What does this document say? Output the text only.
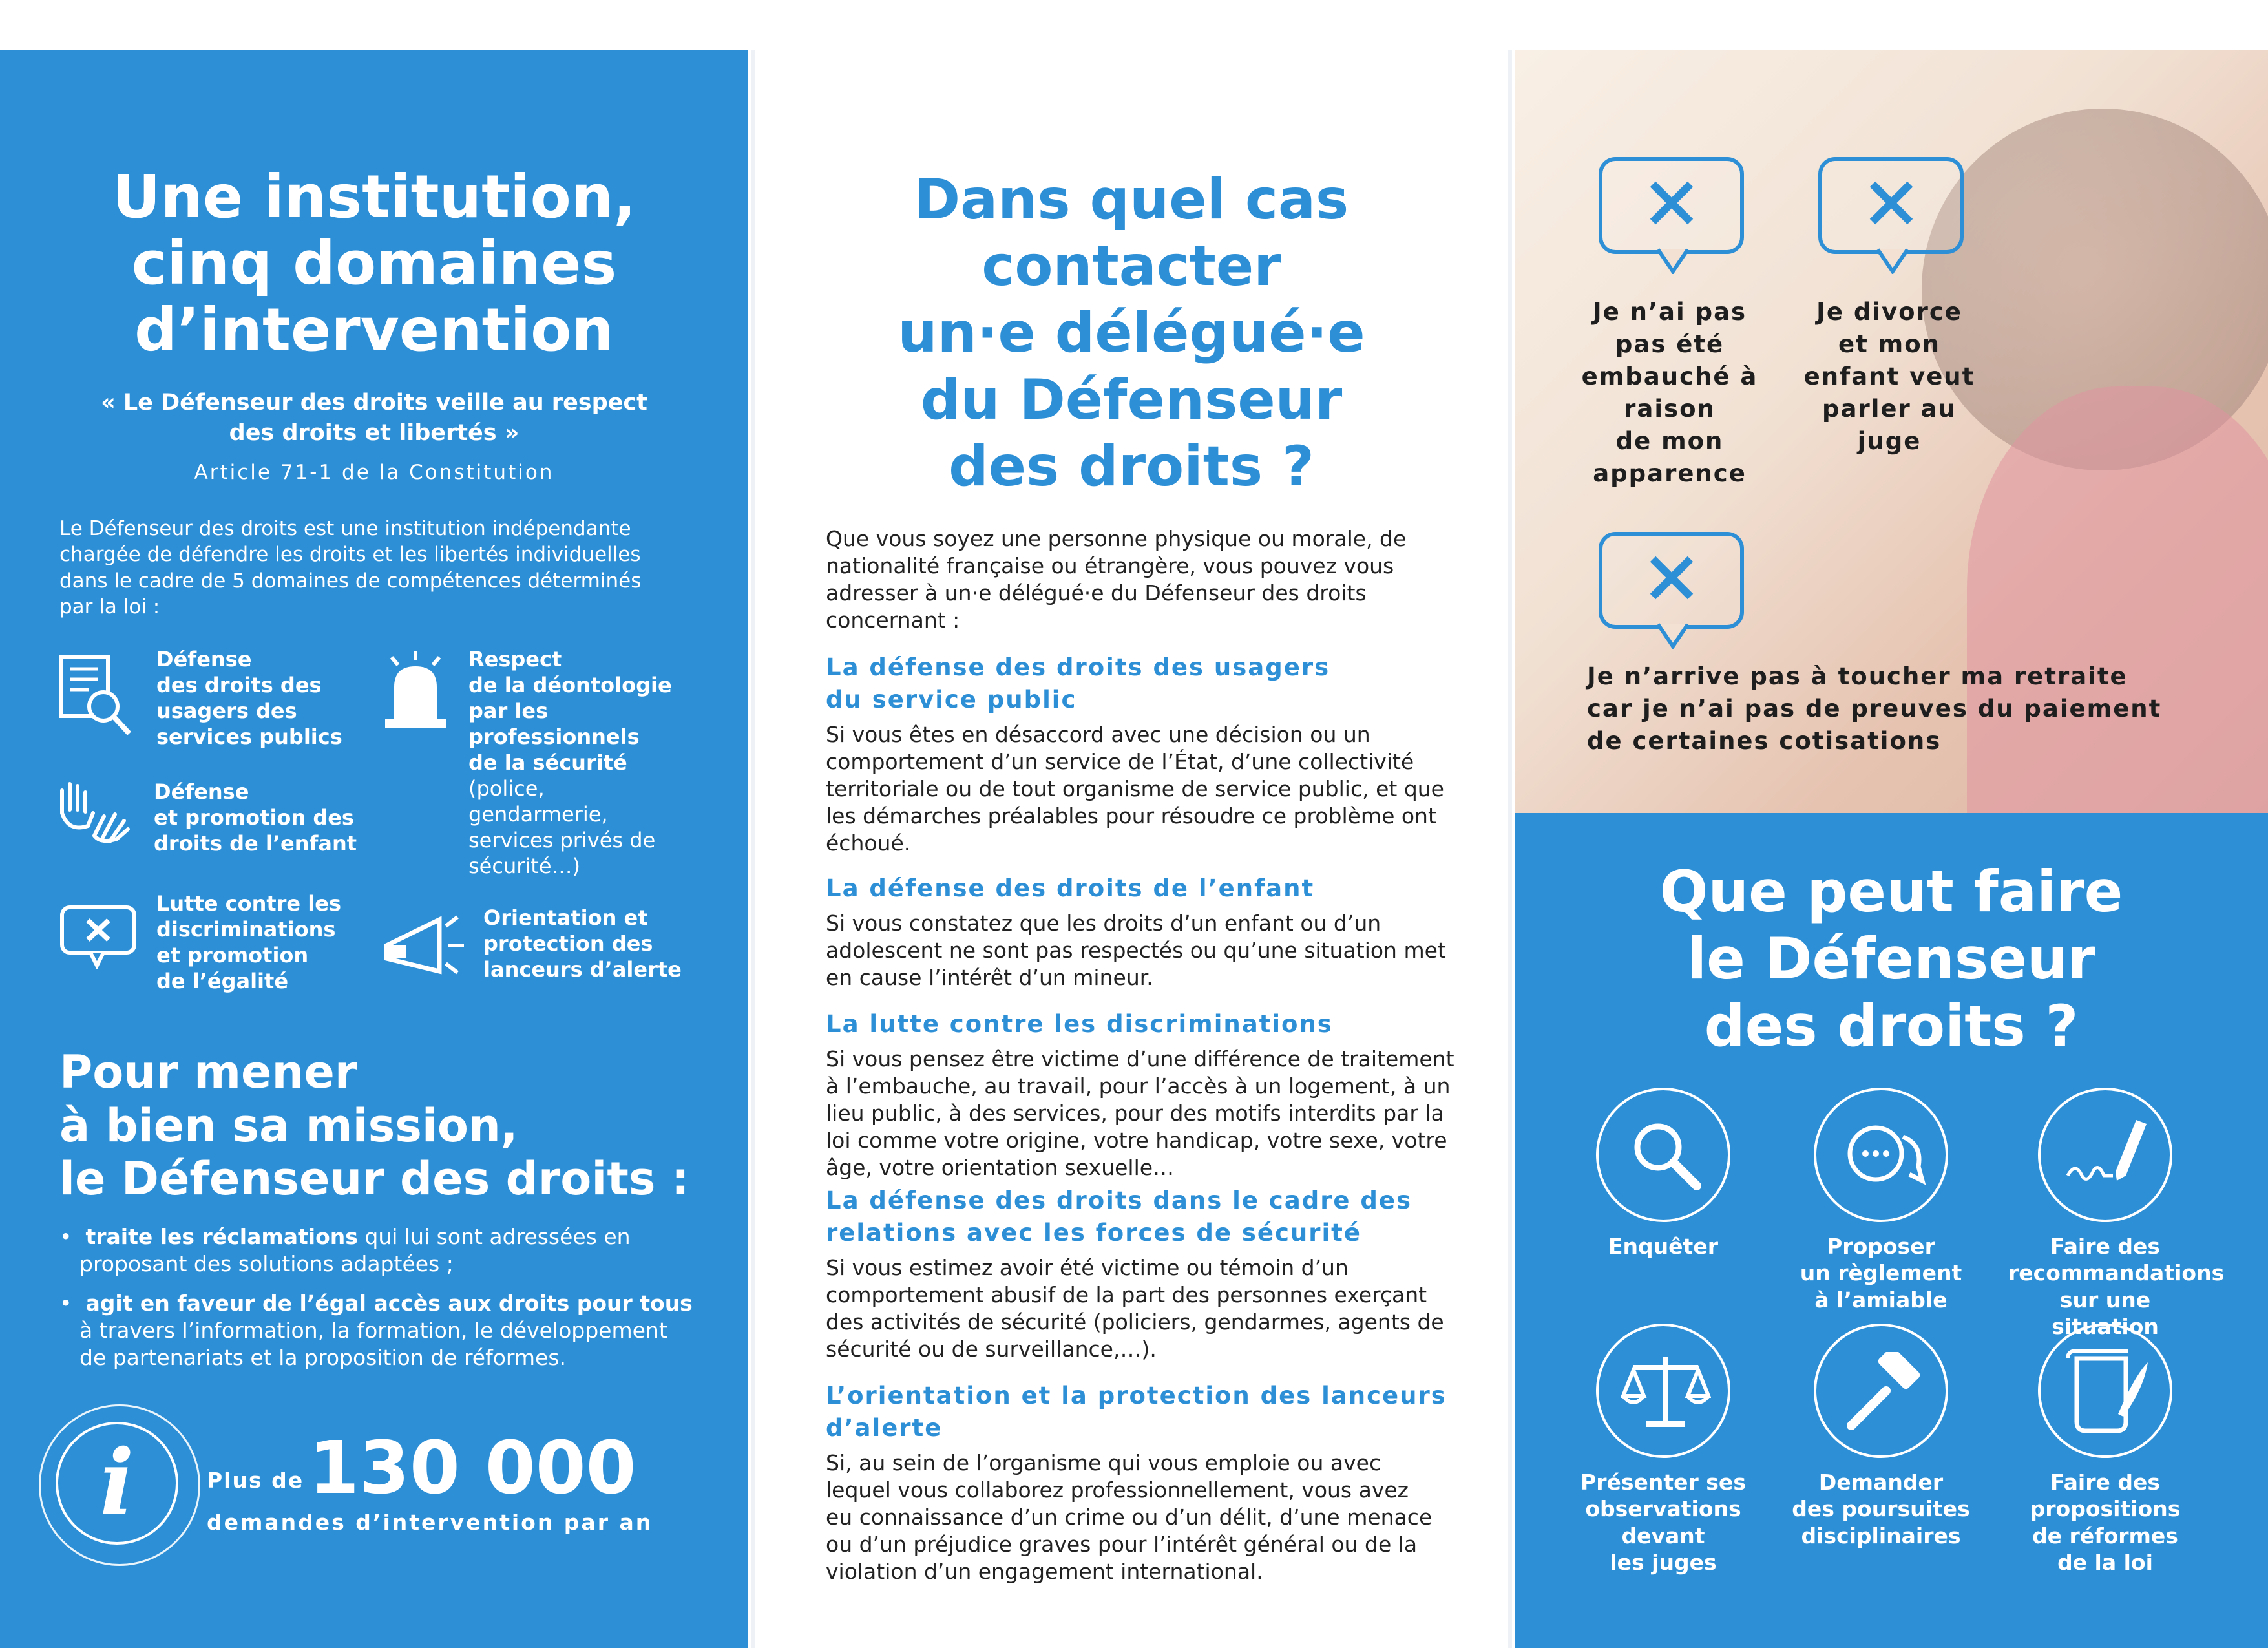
Une institution,
cinq domaines
d’intervention
« Le Défenseur des droits veille au respect
des droits et libertés »
Article 71-1 de la Constitution
Le Défenseur des droits est une institution indépendante
chargée de défendre les droits et les libertés individuelles
dans le cadre de 5 domaines de compétences déterminés
par la loi :
Défense
des droits des
usagers des
services publics
Défense
et promotion des
droits de l’enfant
Lutte contre les
discriminations
et promotion
de l’égalité
Respect
de la déontologie
par les
professionnels
de la sécurité
(police,
gendarmerie,
services privés de
sécurité…)
Orientation et
protection des
lanceurs d’alerte
Pour mener
à bien sa mission,
le Défenseur des droits :
•  traite les réclamations qui lui sont adressées en
proposant des solutions adaptées ;
•  agit en faveur de l’égal accès aux droits pour tous
à travers l’information, la formation, le développement
de partenariats et la proposition de réformes.
i	Plus de 130 000
demandes d’intervention par an
Dans quel cas
contacter
un·e délégué·e
du Défenseur
des droits ?
Que vous soyez une personne physique ou morale, de
nationalité française ou étrangère, vous pouvez vous
adresser à un·e délégué·e du Défenseur des droits
concernant :
La défense des droits des usagers
du service public
Si vous êtes en désaccord avec une décision ou un
comportement d’un service de l’État, d’une collectivité
territoriale ou de tout organisme de service public, et que
les démarches préalables pour résoudre ce problème ont
échoué.
La défense des droits de l’enfant
Si vous constatez que les droits d’un enfant ou d’un
adolescent ne sont pas respectés ou qu’une situation met
en cause l’intérêt d’un mineur.
La lutte contre les discriminations
Si vous pensez être victime d’une différence de traitement
à l’embauche, au travail, pour l’accès à un logement, à un
lieu public, à des services, pour des motifs interdits par la
loi comme votre origine, votre handicap, votre sexe, votre
âge, votre orientation sexuelle…
La défense des droits dans le cadre des
relations avec les forces de sécurité
Si vous estimez avoir été victime ou témoin d’un
comportement abusif de la part des personnes exerçant
des activités de sécurité (policiers, gendarmes, agents de
sécurité ou de surveillance,…).
L’orientation et la protection des lanceurs
d’alerte
Si, au sein de l’organisme qui vous emploie ou avec
lequel vous collaborez professionnellement, vous avez
eu connaissance d’un crime ou d’un délit, d’une menace
ou d’un préjudice graves pour l’intérêt général ou de la
violation d’un engagement international.
Je n’ai pas
pas été
embauché à
raison
de mon
apparence
Je divorce
et mon
enfant veut
parler au
juge
Je n’arrive pas à toucher ma retraite
car je n’ai pas de preuves du paiement
de certaines cotisations
Que peut faire
le Défenseur
des droits ?
Enquêter	Proposer
un règlement
à l’amiable
Faire des
recommandations
sur une situation
Présenter ses
observations
devant
les juges
Demander
des poursuites
disciplinaires
Faire des
propositions
de réformes
de la loi
